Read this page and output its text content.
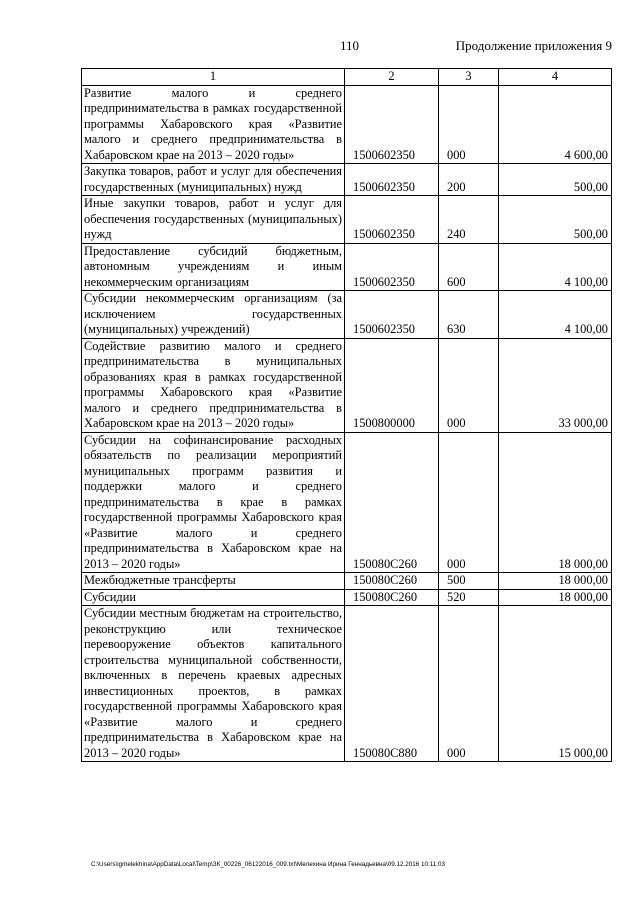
110	Продолжение приложения 9
1	2	3	4
Развитие малого и среднего предпринимательства в рамках государственной программы Хабаровского края «Развитие малого и среднего предпринимательства в Хабаровском крае на 2013 – 2020 годы»	1500602350	000	4 600,00
Закупка товаров, работ и услуг для обеспечения государственных (муниципальных) нужд	1500602350	200	500,00
Иные закупки товаров, работ и услуг для обеспечения государственных (муниципальных) нужд	1500602350	240	500,00
Предоставление субсидий бюджетным, автономным учреждениям и иным некоммерческим организациям	1500602350	600	4 100,00
Субсидии некоммерческим организациям (за исключением государственных (муниципальных) учреждений)	1500602350	630	4 100,00
Содействие развитию малого и среднего предпринимательства в муниципальных образованиях края в рамках государственной программы Хабаровского края «Развитие малого и среднего предпринимательства в Хабаровском крае на 2013 – 2020 годы»	1500800000	000	33 000,00
Субсидии на софинансирование расходных обязательств по реализации мероприятий муниципальных программ развития и поддержки малого и среднего предпринимательства в крае в рамках государственной программы Хабаровского края «Развитие малого и среднего предпринимательства в Хабаровском крае на 2013 – 2020 годы»	150080С260	000	18 000,00
Межбюджетные трансферты	150080С260	500	18 000,00
Субсидии	150080С260	520	18 000,00
Субсидии местным бюджетам на строительство, реконструкцию или техническое перевооружение объектов капитального строительства муниципальной собственности, включенных в перечень краевых адресных инвестиционных проектов, в рамках государственной программы Хабаровского края «Развитие малого и среднего предпринимательства в Хабаровском крае на 2013 – 2020 годы»	150080С880	000	15 000,00
C:\Users\igmelekhina\AppData\Local\Temp\ЗК_00226_06122016_009.txt\Мелехина Ирина Геннадьевна\09.12.2016 10:11:03
